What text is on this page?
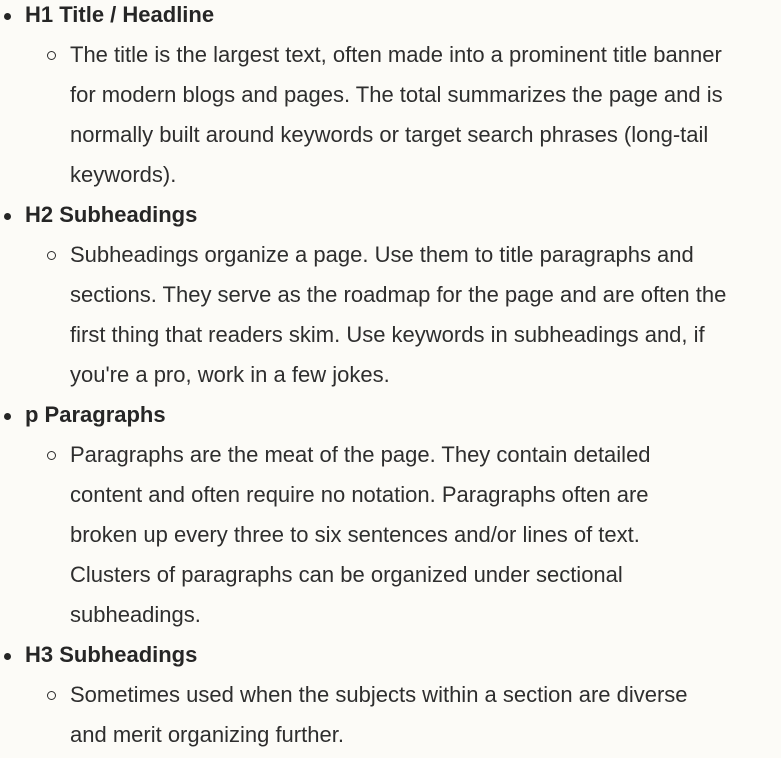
H1 Title / Headline
The title is the largest text, often made into a prominent title banner
for modern blogs and pages. The total summarizes the page and is
normally built around keywords or target search phrases (long-tail
keywords).
H2 Subheadings
Subheadings organize a page. Use them to title paragraphs and
sections. They serve as the roadmap for the page and are often the
first thing that readers skim. Use keywords in subheadings and, if
you're a pro, work in a few jokes.
p Paragraphs
Paragraphs are the meat of the page. They contain detailed
content and often require no notation. Paragraphs often are
broken up every three to six sentences and/or lines of text.
Clusters of paragraphs can be organized under sectional
subheadings.
H3 Subheadings
Sometimes used when the subjects within a section are diverse
and merit organizing further.
